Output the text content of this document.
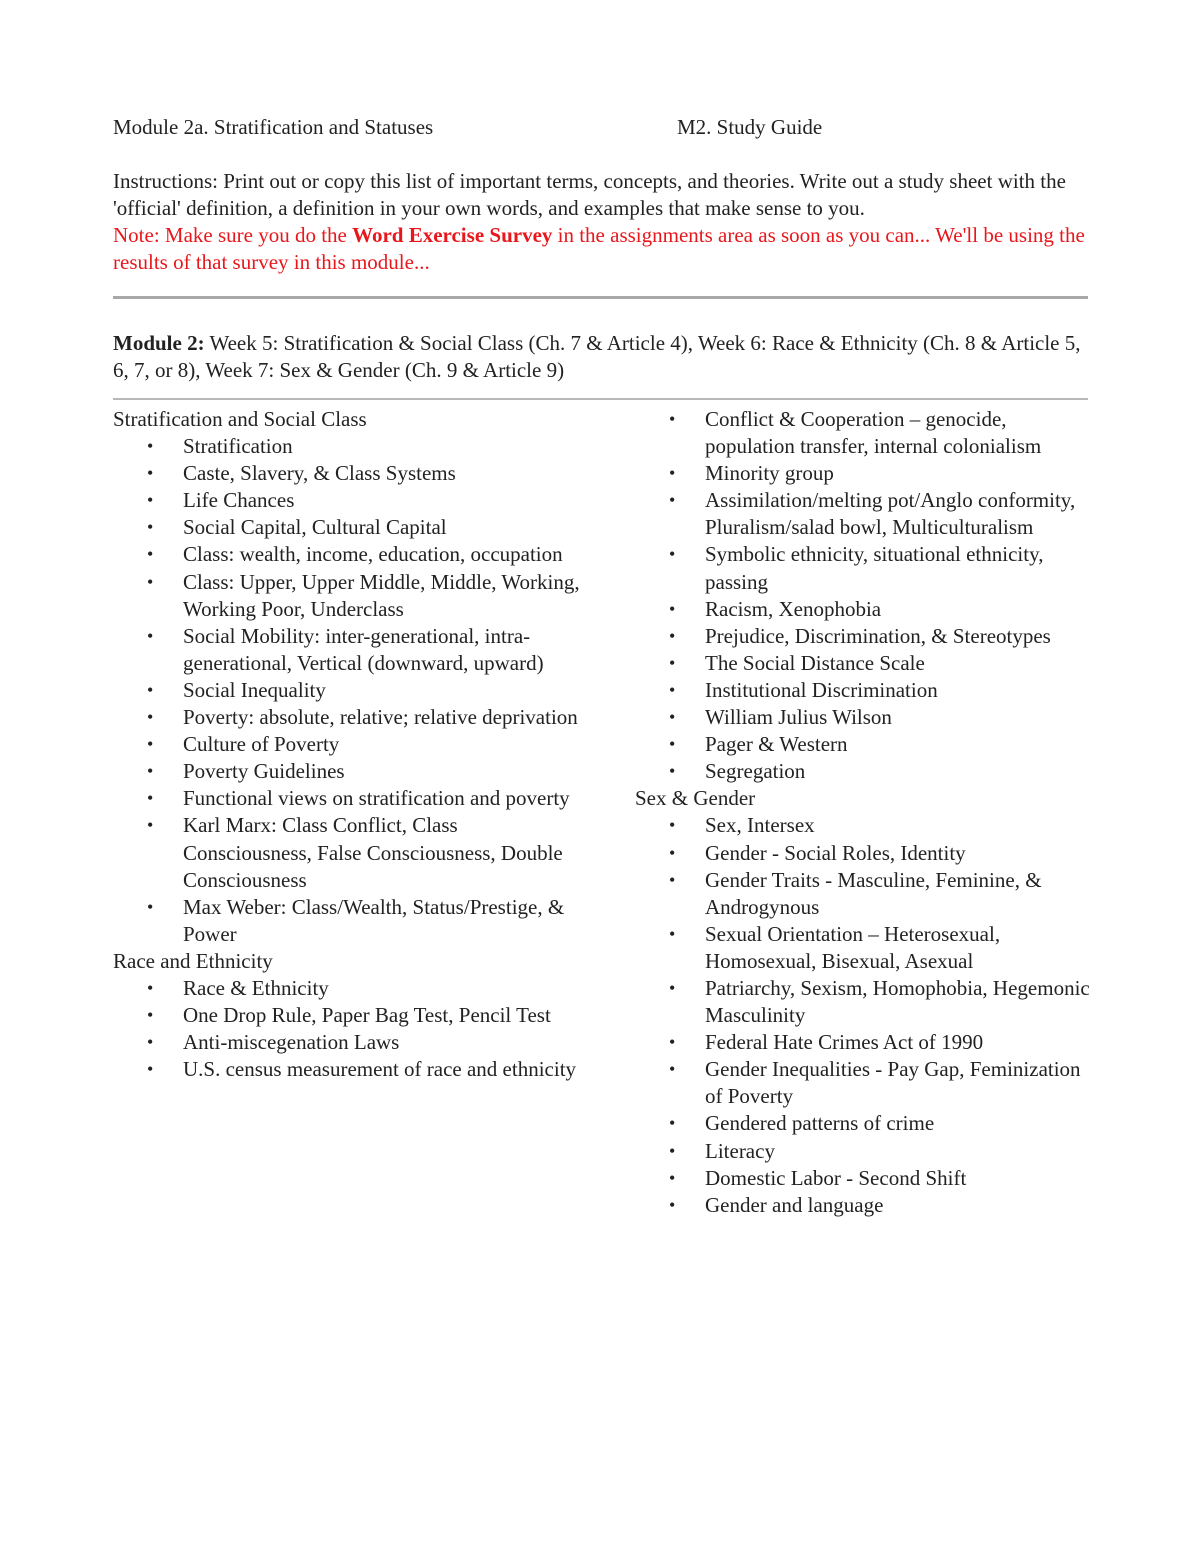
Module 2a. Stratification and Statuses	M2. Study Guide

Instructions: Print out or copy this list of important terms, concepts, and theories. Write out a study sheet with the 'official' definition, a definition in your own words, and examples that make sense to you.

Note: Make sure you do the Word Exercise Survey in the assignments area as soon as you can... We'll be using the results of that survey in this module...

Module 2: Week 5: Stratification & Social Class (Ch. 7 & Article 4), Week 6: Race & Ethnicity (Ch. 8 & Article 5, 6, 7, or 8), Week 7: Sex & Gender (Ch. 9 & Article 9)

Stratification and Social Class
• Stratification
• Caste, Slavery, & Class Systems
• Life Chances
• Social Capital, Cultural Capital
• Class: wealth, income, education, occupation
• Class: Upper, Upper Middle, Middle, Working, Working Poor, Underclass
• Social Mobility: inter-generational, intra-generational, Vertical (downward, upward)
• Social Inequality
• Poverty: absolute, relative; relative deprivation
• Culture of Poverty
• Poverty Guidelines
• Functional views on stratification and poverty
• Karl Marx: Class Conflict, Class Consciousness, False Consciousness, Double Consciousness
• Max Weber: Class/Wealth, Status/Prestige, & Power
Race and Ethnicity
• Race & Ethnicity
• One Drop Rule, Paper Bag Test, Pencil Test
• Anti-miscegenation Laws
• U.S. census measurement of race and ethnicity
• Conflict & Cooperation – genocide, population transfer, internal colonialism
• Minority group
• Assimilation/melting pot/Anglo conformity, Pluralism/salad bowl, Multiculturalism
• Symbolic ethnicity, situational ethnicity, passing
• Racism, Xenophobia
• Prejudice, Discrimination, & Stereotypes
• The Social Distance Scale
• Institutional Discrimination
• William Julius Wilson
• Pager & Western
• Segregation
Sex & Gender
• Sex, Intersex
• Gender - Social Roles, Identity
• Gender Traits - Masculine, Feminine, & Androgynous
• Sexual Orientation – Heterosexual, Homosexual, Bisexual, Asexual
• Patriarchy, Sexism, Homophobia, Hegemonic Masculinity
• Federal Hate Crimes Act of 1990
• Gender Inequalities - Pay Gap, Feminization of Poverty
• Gendered patterns of crime
• Literacy
• Domestic Labor - Second Shift
• Gender and language
